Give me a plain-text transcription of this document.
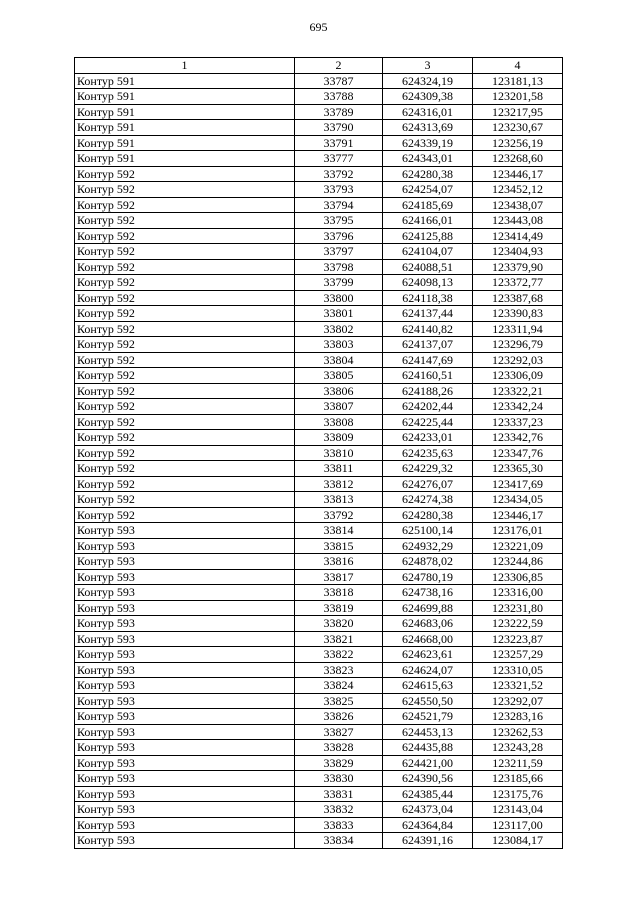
695
1	2	3	4
Контур 591	33787	624324,19	123181,13
Контур 591	33788	624309,38	123201,58
Контур 591	33789	624316,01	123217,95
Контур 591	33790	624313,69	123230,67
Контур 591	33791	624339,19	123256,19
Контур 591	33777	624343,01	123268,60
Контур 592	33792	624280,38	123446,17
Контур 592	33793	624254,07	123452,12
Контур 592	33794	624185,69	123438,07
Контур 592	33795	624166,01	123443,08
Контур 592	33796	624125,88	123414,49
Контур 592	33797	624104,07	123404,93
Контур 592	33798	624088,51	123379,90
Контур 592	33799	624098,13	123372,77
Контур 592	33800	624118,38	123387,68
Контур 592	33801	624137,44	123390,83
Контур 592	33802	624140,82	123311,94
Контур 592	33803	624137,07	123296,79
Контур 592	33804	624147,69	123292,03
Контур 592	33805	624160,51	123306,09
Контур 592	33806	624188,26	123322,21
Контур 592	33807	624202,44	123342,24
Контур 592	33808	624225,44	123337,23
Контур 592	33809	624233,01	123342,76
Контур 592	33810	624235,63	123347,76
Контур 592	33811	624229,32	123365,30
Контур 592	33812	624276,07	123417,69
Контур 592	33813	624274,38	123434,05
Контур 592	33792	624280,38	123446,17
Контур 593	33814	625100,14	123176,01
Контур 593	33815	624932,29	123221,09
Контур 593	33816	624878,02	123244,86
Контур 593	33817	624780,19	123306,85
Контур 593	33818	624738,16	123316,00
Контур 593	33819	624699,88	123231,80
Контур 593	33820	624683,06	123222,59
Контур 593	33821	624668,00	123223,87
Контур 593	33822	624623,61	123257,29
Контур 593	33823	624624,07	123310,05
Контур 593	33824	624615,63	123321,52
Контур 593	33825	624550,50	123292,07
Контур 593	33826	624521,79	123283,16
Контур 593	33827	624453,13	123262,53
Контур 593	33828	624435,88	123243,28
Контур 593	33829	624421,00	123211,59
Контур 593	33830	624390,56	123185,66
Контур 593	33831	624385,44	123175,76
Контур 593	33832	624373,04	123143,04
Контур 593	33833	624364,84	123117,00
Контур 593	33834	624391,16	123084,17
